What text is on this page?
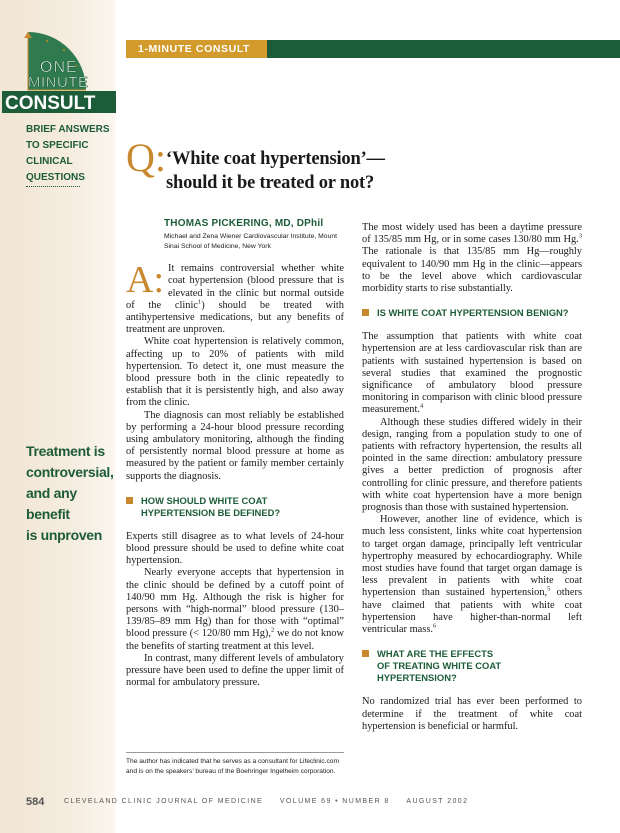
1-MINUTE CONSULT
ONE
MINUTE
CONSULT

BRIEF ANSWERS
TO SPECIFIC
CLINICAL
QUESTIONS

Treatment is
controversial,
and any benefit
is unproven

Q: ‘White coat hypertension’—
should it be treated or not?

THOMAS PICKERING, MD, DPhil

Michael and Zena Wiener Cardiovascular Institute, Mount Sinai School of Medicine, New York

A: It remains controversial whether white coat hypertension (blood pressure that is elevated in the clinic but normal outside of the clinic$^1$) should be treated with antihypertensive medications, but any benefits of treatment are unproven.

White coat hypertension is relatively common, affecting up to 20% of patients with mild hypertension. To detect it, one must measure the blood pressure both in the clinic repeatedly to establish that it is persistently high, and also away from the clinic.

The diagnosis can most reliably be established by performing a 24-hour blood pressure recording using ambulatory monitoring, although the finding of persistently normal blood pressure at home as measured by the patient or family member certainly supports the diagnosis.

HOW SHOULD WHITE COAT
HYPERTENSION BE DEFINED?

Experts still disagree as to what levels of 24-hour blood pressure should be used to define white coat hypertension.

Nearly everyone accepts that hypertension in the clinic should be defined by a cutoff point of 140/90 mm Hg. Although the risk is higher for persons with “high-normal” blood pressure (130–139/85–89 mm Hg) than for those with “optimal” blood pressure (< 120/80 mm Hg),$^2$ we do not know the benefits of starting treatment at this level.

In contrast, many different levels of ambulatory pressure have been used to define the upper limit of normal for ambulatory pressure.

The most widely used has been a daytime pressure of 135/85 mm Hg, or in some cases 130/80 mm Hg.$^3$ The rationale is that 135/85 mm Hg—roughly equivalent to 140/90 mm Hg in the clinic—appears to be the level above which cardiovascular morbidity starts to rise substantially.

IS WHITE COAT HYPERTENSION BENIGN?

The assumption that patients with white coat hypertension are at less cardiovascular risk than are patients with sustained hypertension is based on several studies that examined the prognostic significance of ambulatory blood pressure monitoring in comparison with clinic blood pressure measurement.$^4$

Although these studies differed widely in their design, ranging from a population study to one of patients with refractory hypertension, the results all pointed in the same direction: ambulatory pressure gives a better prediction of prognosis after controlling for clinic pressure, and therefore patients with white coat hypertension have a more benign prognosis than those with sustained hypertension.

However, another line of evidence, which is much less consistent, links white coat hypertension to target organ damage, principally left ventricular hypertrophy measured by echocardiography. While most studies have found that target organ damage is less prevalent in patients with white coat hypertension than sustained hypertension,$^5$ others have claimed that patients with white coat hypertension have higher-than-normal left ventricular mass.$^6$

WHAT ARE THE EFFECTS
OF TREATING WHITE COAT HYPERTENSION?

No randomized trial has ever been performed to determine if the treatment of white coat hypertension is beneficial or harmful.

The author has indicated that he serves as a consultant for Lifeclinic.com and is on the speakers’ bureau of the Boehringer Ingelheim corporation.

584	CLEVELAND CLINIC JOURNAL OF MEDICINE VOLUME 69 • NUMBER 8 AUGUST 2002
